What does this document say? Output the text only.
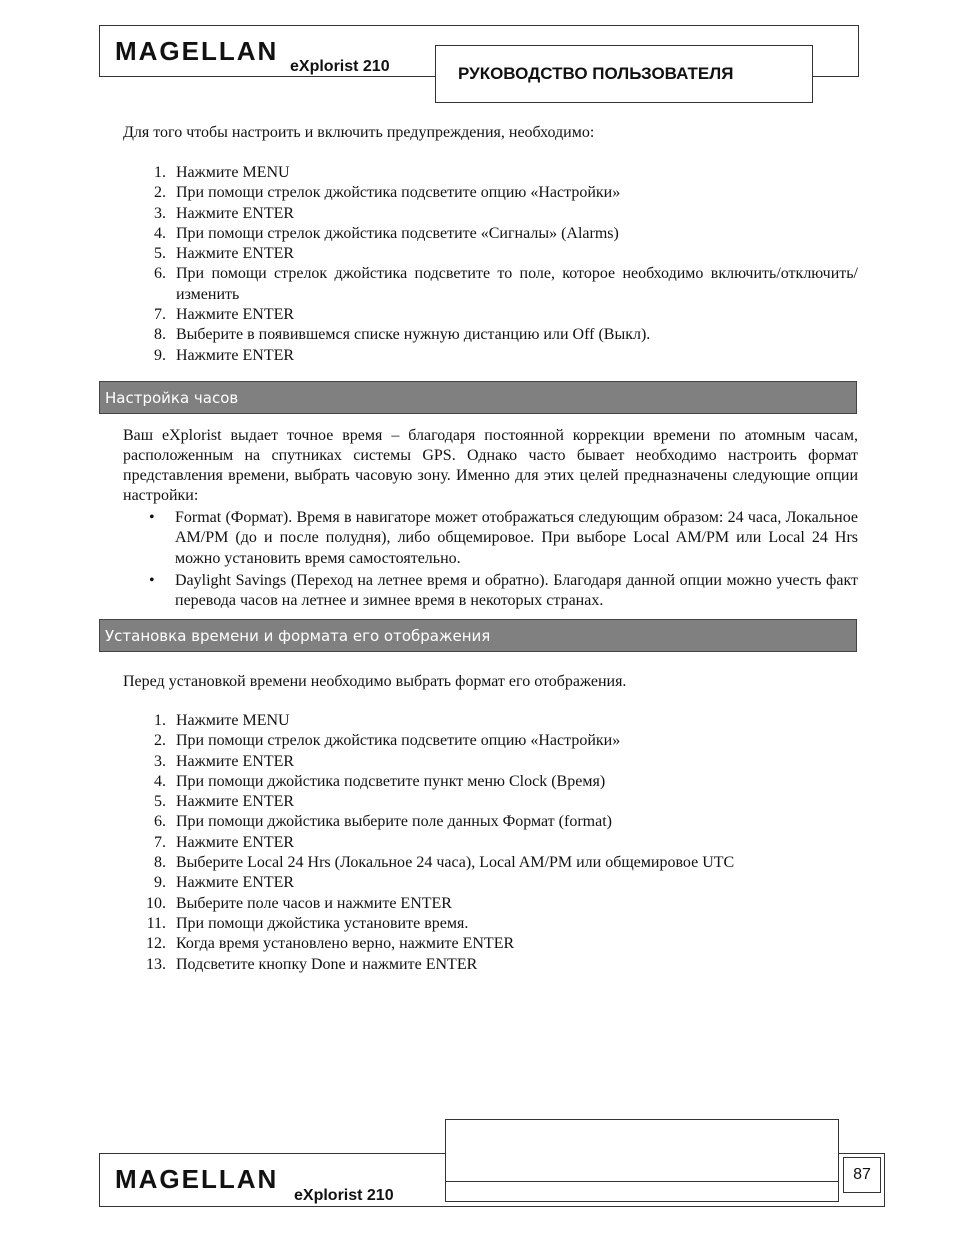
MAGELLAN
eXplorist 210	РУКОВОДСТВО ПОЛЬЗОВАТЕЛЯ
Для того чтобы настроить и включить предупреждения, необходимо:
1. Нажмите MENU
2. При помощи стрелок джойстика подсветите опцию «Настройки»
3. Нажмите ENTER
4. При помощи стрелок джойстика подсветите «Сигналы» (Alarms)
5. Нажмите ENTER
6. При помощи стрелок джойстика подсветите то поле, которое необходимо включить/отключить/изменить
7. Нажмите ENTER
8. Выберите в появившемся списке нужную дистанцию или Off (Выкл).
9. Нажмите ENTER
Настройка часов
Ваш eXplorist выдает точное время – благодаря постоянной коррекции времени по атомным часам, расположенным на спутниках системы GPS. Однако часто бывает необходимо настроить формат представления времени, выбрать часовую зону. Именно для этих целей предназначены следующие опции настройки:
•	Format (Формат). Время в навигаторе может отображаться следующим образом: 24 часа, Локальное AM/PM (до и после полудня), либо общемировое. При выборе Local AM/PM или Local 24 Hrs можно установить время самостоятельно.
•	Daylight Savings (Переход на летнее время и обратно). Благодаря данной опции можно учесть факт перевода часов на летнее и зимнее время в некоторых странах.
Установка времени и формата его отображения
Перед установкой времени необходимо выбрать формат его отображения.
1. Нажмите MENU
2. При помощи стрелок джойстика подсветите опцию «Настройки»
3. Нажмите ENTER
4. При помощи джойстика подсветите пункт меню Clock (Время)
5. Нажмите ENTER
6. При помощи джойстика выберите поле данных Формат (format)
7. Нажмите ENTER
8. Выберите Local 24 Hrs (Локальное 24 часа), Local AM/PM или общемировое UTC
9. Нажмите ENTER
10. Выберите поле часов и нажмите ENTER
11. При помощи джойстика установите время.
12. Когда время установлено верно, нажмите ENTER
13. Подсветите кнопку Done и нажмите ENTER
MAGELLAN
eXplorist 210
87
